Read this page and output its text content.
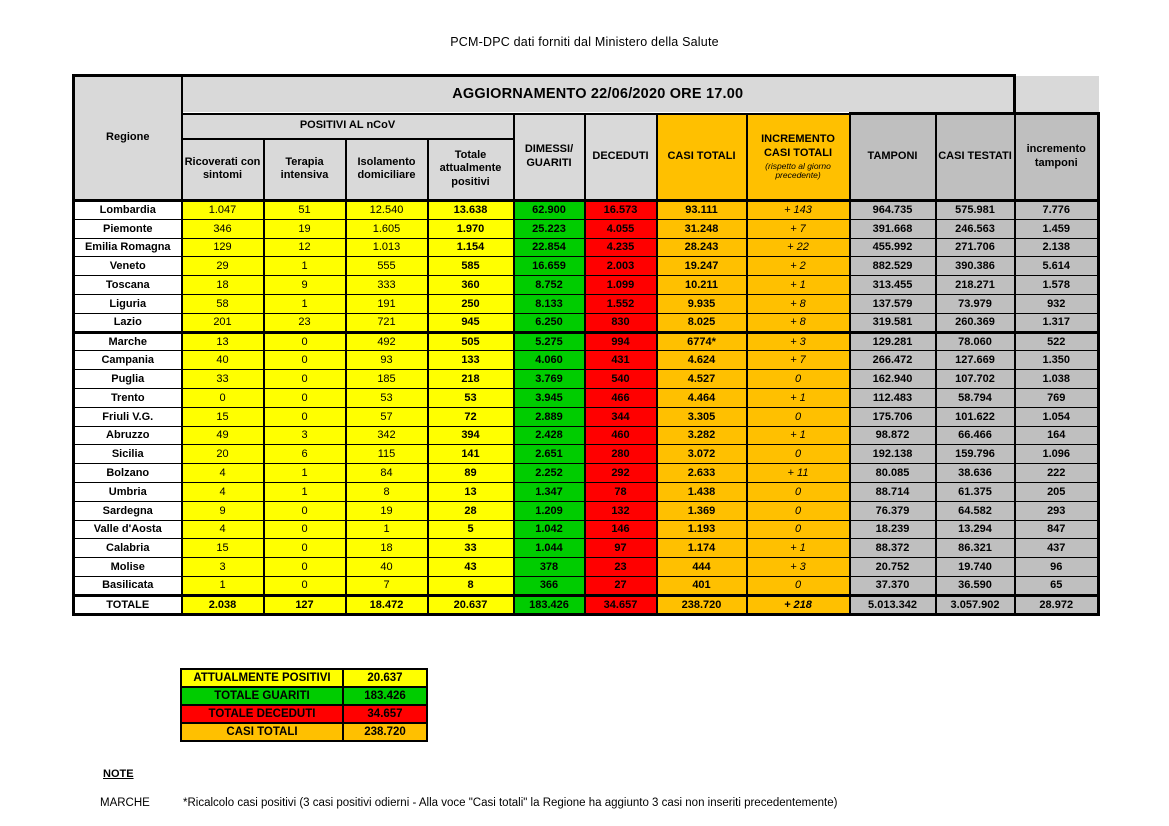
PCM-DPC dati forniti dal Ministero della Salute
Regione	AGGIORNAMENTO 22/06/2020 ORE 17.00										
	POSITIVI AL nCoV				DIMESSI/ GUARITI	DECEDUTI	CASI TOTALI	INCREMENTO CASI TOTALI
(rispetto al giorno precedente)	TAMPONI	CASI TESTATI	incremento tamponi
	Ricoverati con sintomi	Terapia intensiva	Isolamento domiciliare	Totale attualmente positivi							
Lombardia	1.047	51	12.540	13.638	62.900	16.573	93.111	+ 143	964.735	575.981	7.776
Piemonte	346	19	1.605	1.970	25.223	4.055	31.248	+ 7	391.668	246.563	1.459
Emilia Romagna	129	12	1.013	1.154	22.854	4.235	28.243	+ 22	455.992	271.706	2.138
Veneto	29	1	555	585	16.659	2.003	19.247	+ 2	882.529	390.386	5.614
Toscana	18	9	333	360	8.752	1.099	10.211	+ 1	313.455	218.271	1.578
Liguria	58	1	191	250	8.133	1.552	9.935	+ 8	137.579	73.979	932
Lazio	201	23	721	945	6.250	830	8.025	+ 8	319.581	260.369	1.317
Marche	13	0	492	505	5.275	994	6774*	+ 3	129.281	78.060	522
Campania	40	0	93	133	4.060	431	4.624	+ 7	266.472	127.669	1.350
Puglia	33	0	185	218	3.769	540	4.527	0	162.940	107.702	1.038
Trento	0	0	53	53	3.945	466	4.464	+ 1	112.483	58.794	769
Friuli V.G.	15	0	57	72	2.889	344	3.305	0	175.706	101.622	1.054
Abruzzo	49	3	342	394	2.428	460	3.282	+ 1	98.872	66.466	164
Sicilia	20	6	115	141	2.651	280	3.072	0	192.138	159.796	1.096
Bolzano	4	1	84	89	2.252	292	2.633	+ 11	80.085	38.636	222
Umbria	4	1	8	13	1.347	78	1.438	0	88.714	61.375	205
Sardegna	9	0	19	28	1.209	132	1.369	0	76.379	64.582	293
Valle d'Aosta	4	0	1	5	1.042	146	1.193	0	18.239	13.294	847
Calabria	15	0	18	33	1.044	97	1.174	+ 1	88.372	86.321	437
Molise	3	0	40	43	378	23	444	+ 3	20.752	19.740	96
Basilicata	1	0	7	8	366	27	401	0	37.370	36.590	65
TOTALE	2.038	127	18.472	20.637	183.426	34.657	238.720	+ 218	5.013.342	3.057.902	28.972
ATTUALMENTE POSITIVI	20.637
TOTALE GUARITI	183.426
TOTALE DECEDUTI	34.657
CASI TOTALI	238.720
NOTE
MARCHE	*Ricalcolo casi positivi (3 casi positivi odierni - Alla voce "Casi totali" la Regione ha aggiunto 3 casi non inseriti precedentemente)
